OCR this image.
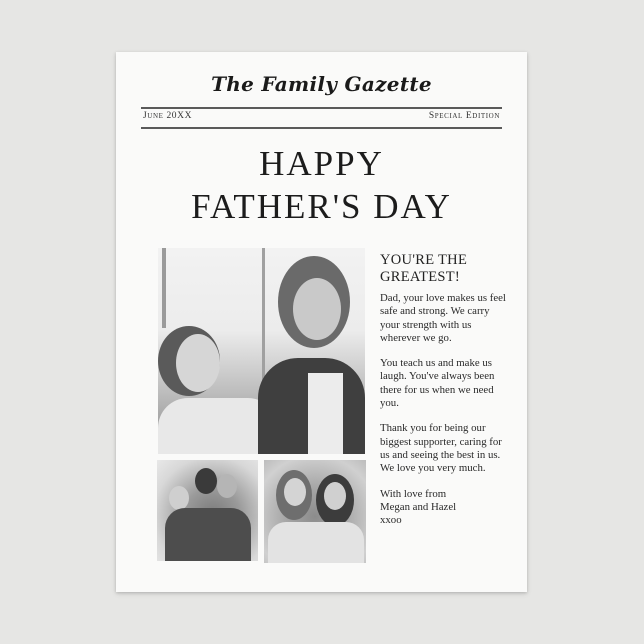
The Family Gazette
June 20XX	Special Edition
HAPPY
FATHER'S DAY
YOU'RE THE
GREATEST!

Dad, your love makes us feel safe and strong. We carry your strength with us wherever we go.

You teach us and make us laugh. You've always been there for us when we need you.

Thank you for being our biggest supporter, caring for us and seeing the best in us. We love you very much.

With love from
Megan and Hazel
xxoo
